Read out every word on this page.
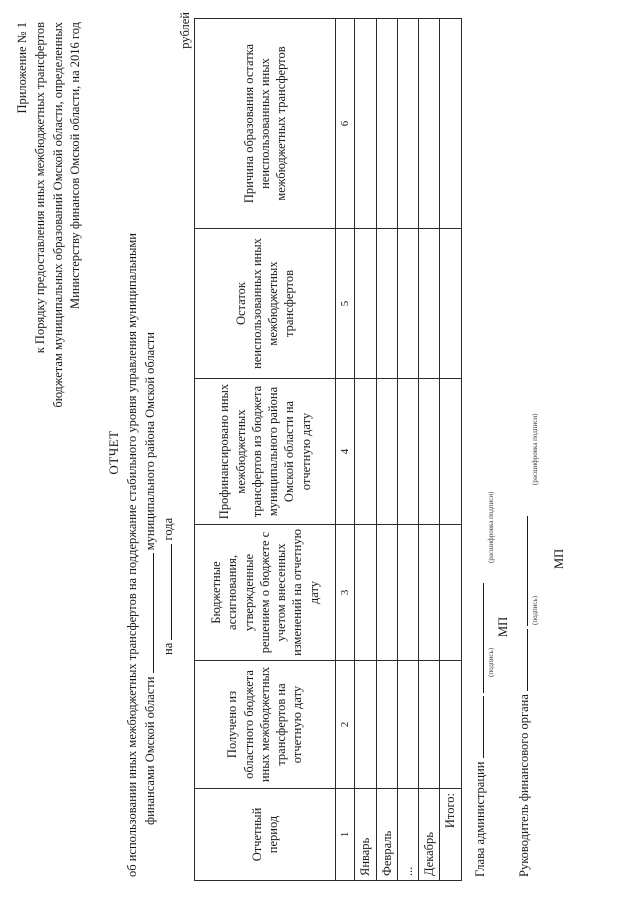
Приложение № 1 к Порядку предоставления иных межбюджетных трансфертов бюджетам муниципальных образований Омской области, определенных Министерству финансов Омской области, на 2016 год
ОТЧЕТ об использовании иных межбюджетных трансфертов на поддержание стабильного уровня управления муниципальными финансами Омской области  муниципального района Омской области
на  года
рублей
Отчетный период	Получено из областного бюджета иных межбюджетных трансфертов на отчетную дату	Бюджетные ассигнования, утвержденные решением о бюджете с учетом внесенных изменений на отчетную дату	Профинансировано иных межбюджетных трансфертов из бюджета муниципального района Омской области на отчетную дату	Остаток неиспользованных иных межбюджетных трансфертов	Причина образования остатка неиспользованных иных межбюджетных трансфертов
1	2	3	4	5	6
Январь					
Февраль					
...					
Декабрь					
Итого:					Глава администрации
(подпись)
(расшифровка подписи)
МП
Руководитель финансового органа
(подпись)
(расшифровка подписи)
МП
